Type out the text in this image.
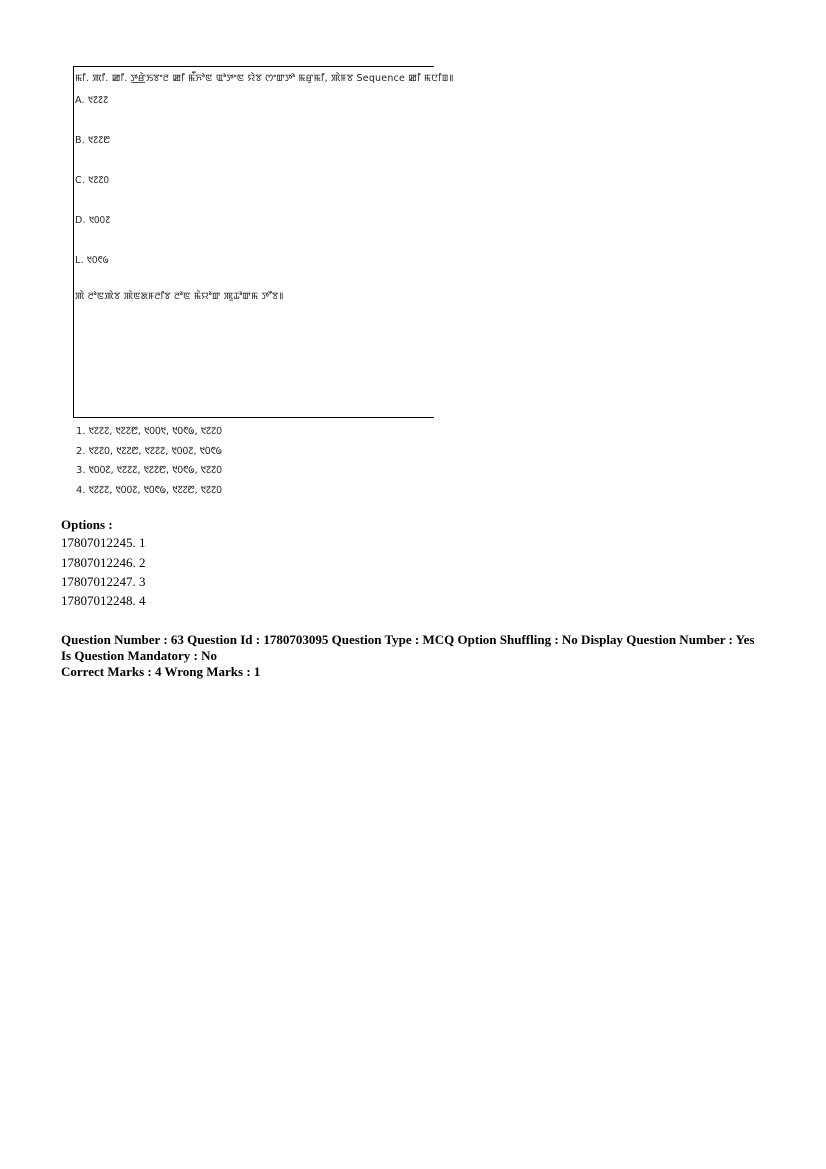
ꯃꯤ. ꯄꯤ. ꯀꯤ. ꯇ꯭ꯔꯥꯏꯕꯦꯂ ꯀꯤ ꯃꯩꯈꯣꯟ ꯑꯣꯇꯦꯟ ꯌꯥꯕ ꯁꯦꯛꯇꯣ ꯃꯔꯨꯃꯤ, ꯄꯥꯝꯕ Sequence ꯀꯤ ꯃꯅꯤꯡ꯫
A. ᱑᱗᱗᱗
B. ᱑᱗᱗᱘
C. ᱑᱗᱗᱐
D. ᱑᱐᱐᱗
L. ᱑᱐᱖᱙
ꯄꯥ ꯂꯣꯟꯄꯥꯕ ꯄꯥꯟꯗꯝꯂꯤꯕ ꯂꯣꯟ ꯃꯥꯌꯣꯛ ꯄꯨꯊꯣꯛꯃ ꯇꯧꯕ꯫
1. ᱑᱗᱗᱗, ᱑᱗᱗᱘, ᱑᱐᱐᱑, ᱑᱐᱖᱙, ᱑᱗᱗᱐
2. ᱑᱗᱗᱐, ᱑᱗᱗᱘, ᱑᱗᱗᱗, ᱑᱐᱐᱗, ᱑᱐᱖᱙
3. ᱑᱐᱐᱗, ᱑᱗᱗᱗, ᱑᱗᱗᱘, ᱑᱐᱖᱙, ᱑᱗᱗᱐
4. ᱑᱗᱗᱗, ᱑᱐᱐᱗, ᱑᱐᱖᱙, ᱑᱗᱗᱘, ᱑᱗᱗᱐
Options :
17807012245. 1
17807012246. 2
17807012247. 3
17807012248. 4
Question Number : 63 Question Id : 1780703095 Question Type : MCQ Option Shuffling : No Display Question Number : Yes Is Question Mandatory : No
Correct Marks : 4 Wrong Marks : 1
